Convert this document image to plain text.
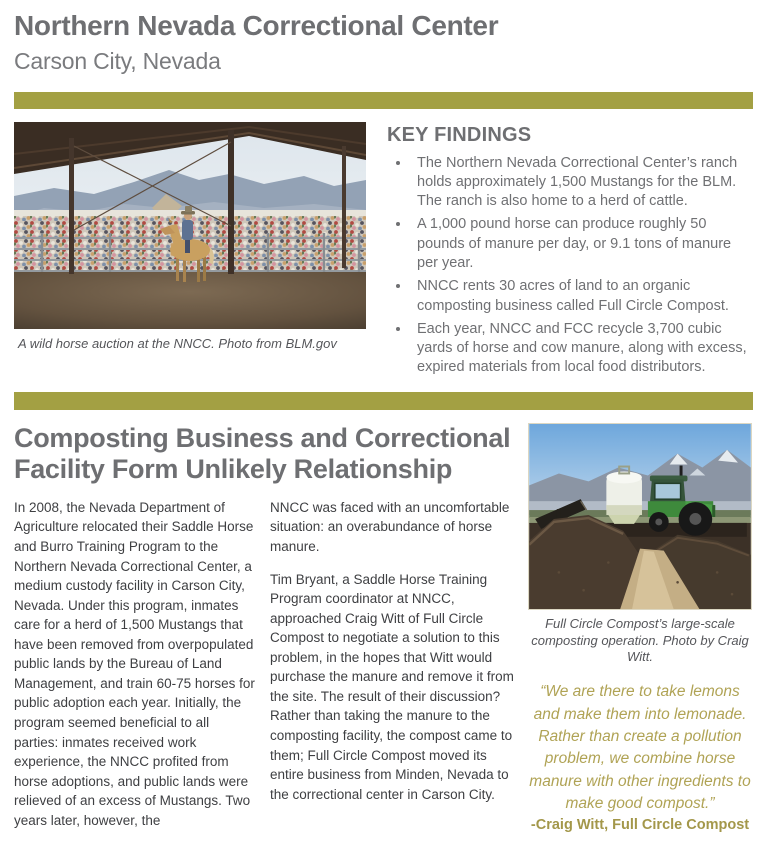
Northern Nevada Correctional Center
Carson City, Nevada
A wild horse auction at the NNCC. Photo from BLM.gov
KEY FINDINGS
• The Northern Nevada Correctional Center’s ranch holds approximately 1,500 Mustangs for the BLM. The ranch is also home to a herd of cattle.
• A 1,000 pound horse can produce roughly 50 pounds of manure per day, or 9.1 tons of manure per year.
• NNCC rents 30 acres of land to an organic composting business called Full Circle Compost.
• Each year, NNCC and FCC recycle 3,700 cubic yards of horse and cow manure, along with excess, expired materials from local food distributors.
Composting Business and Correctional Facility Form Unlikely Relationship

In 2008, the Nevada Department of Agriculture relocated their Saddle Horse and Burro Training Program to the Northern Nevada Correctional Center, a medium custody facility in Carson City, Nevada. Under this program, inmates care for a herd of 1,500 Mustangs that have been removed from overpopulated public lands by the Bureau of Land Management, and train 60-75 horses for public adoption each year. Initially, the program seemed beneficial to all parties: inmates received work experience, the NNCC profited from horse adoptions, and public lands were relieved of an excess of Mustangs. Two years later, however, the

NNCC was faced with an uncomfortable situation: an overabundance of horse manure.

Tim Bryant, a Saddle Horse Training Program coordinator at NNCC, approached Craig Witt of Full Circle Compost to negotiate a solution to this problem, in the hopes that Witt would purchase the manure and remove it from the site. The result of their discussion? Rather than taking the manure to the composting facility, the compost came to them; Full Circle Compost moved its entire business from Minden, Nevada to the correctional center in Carson City.

Full Circle Compost’s large-scale composting operation. Photo by Craig Witt.
“We are there to take lemons and make them into lemonade. Rather than create a pollution problem, we combine horse manure with other ingredients to make good compost.”
-Craig Witt, Full Circle Compost
